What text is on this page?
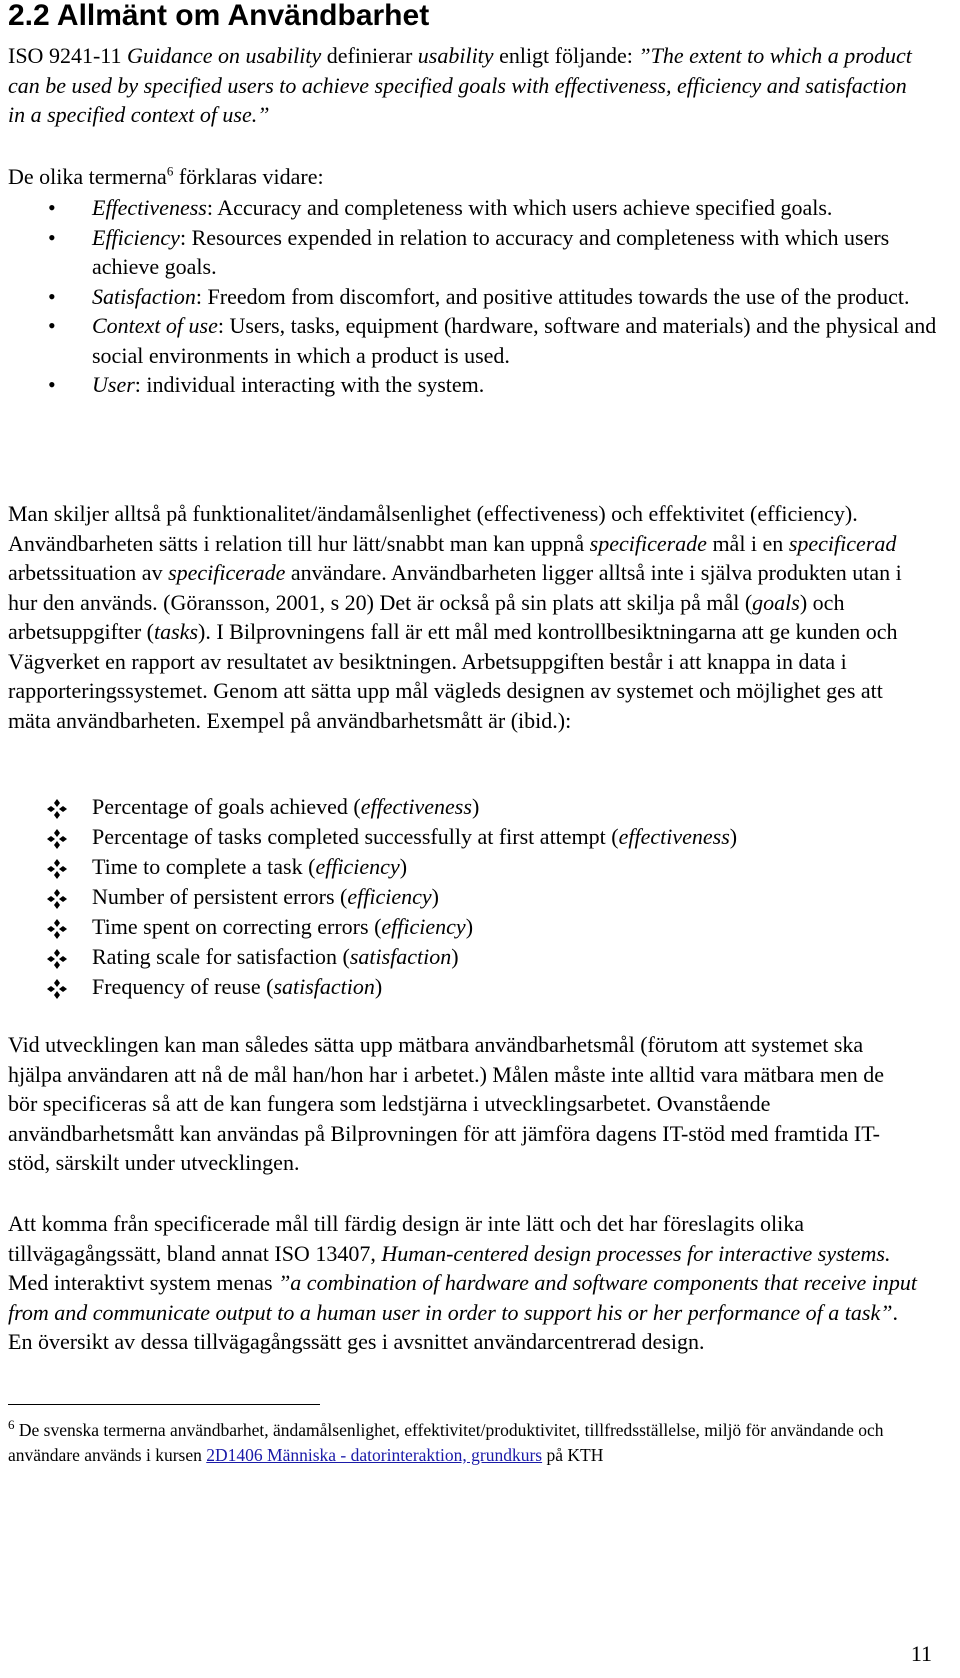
2.2 Allmänt om Användbarhet

ISO 9241-11 Guidance on usability definierar usability enligt följande: ”The extent to which a product can be used by specified users to achieve specified goals with effectiveness, efficiency and satisfaction in a specified context of use.”

De olika termerna$^6$ förklaras vidare:

• Effectiveness: Accuracy and completeness with which users achieve specified goals.
• Efficiency: Resources expended in relation to accuracy and completeness with which users achieve goals.
• Satisfaction: Freedom from discomfort, and positive attitudes towards the use of the product.
• Context of use: Users, tasks, equipment (hardware, software and materials) and the physical and social environments in which a product is used.
• User: individual interacting with the system.

Man skiljer alltså på funktionalitet/ändamålsenlighet (effectiveness) och effektivitet (efficiency). Användbarheten sätts i relation till hur lätt/snabbt man kan uppnå specificerade mål i en specificerad arbetssituation av specificerade användare. Användbarheten ligger alltså inte i själva produkten utan i hur den används. (Göransson, 2001, s 20) Det är också på sin plats att skilja på mål (goals) och arbetsuppgifter (tasks). I Bilprovningens fall är ett mål med kontrollbesiktningarna att ge kunden och Vägverket en rapport av resultatet av besiktningen. Arbetsuppgiften består i att knappa in data i rapporteringssystemet. Genom att sätta upp mål vägleds designen av systemet och möjlighet ges att mäta användbarheten. Exempel på användbarhetsmått är (ibid.):

Percentage of goals achieved (effectiveness)
Percentage of tasks completed successfully at first attempt (effectiveness)
Time to complete a task (efficiency)
Number of persistent errors (efficiency)
Time spent on correcting errors (efficiency)
Rating scale for satisfaction (satisfaction)
Frequency of reuse (satisfaction)

Vid utvecklingen kan man således sätta upp mätbara användbarhetsmål (förutom att systemet ska hjälpa användaren att nå de mål han/hon har i arbetet.) Målen måste inte alltid vara mätbara men de bör specificeras så att de kan fungera som ledstjärna i utvecklingsarbetet. Ovanstående användbarhetsmått kan användas på Bilprovningen för att jämföra dagens IT-stöd med framtida IT-stöd, särskilt under utvecklingen.

Att komma från specificerade mål till färdig design är inte lätt och det har föreslagits olika tillvägagångssätt, bland annat ISO 13407, Human-centered design processes for interactive systems. Med interaktivt system menas ”a combination of hardware and software components that receive input from and communicate output to a human user in order to support his or her performance of a task”. En översikt av dessa tillvägagångssätt ges i avsnittet användarcentrerad design.

$^6$ De svenska termerna användbarhet, ändamålsenlighet, effektivitet/produktivitet, tillfredsställelse, miljö för användande och användare används i kursen 2D1406 Människa - datorinteraktion, grundkurs på KTH
11
